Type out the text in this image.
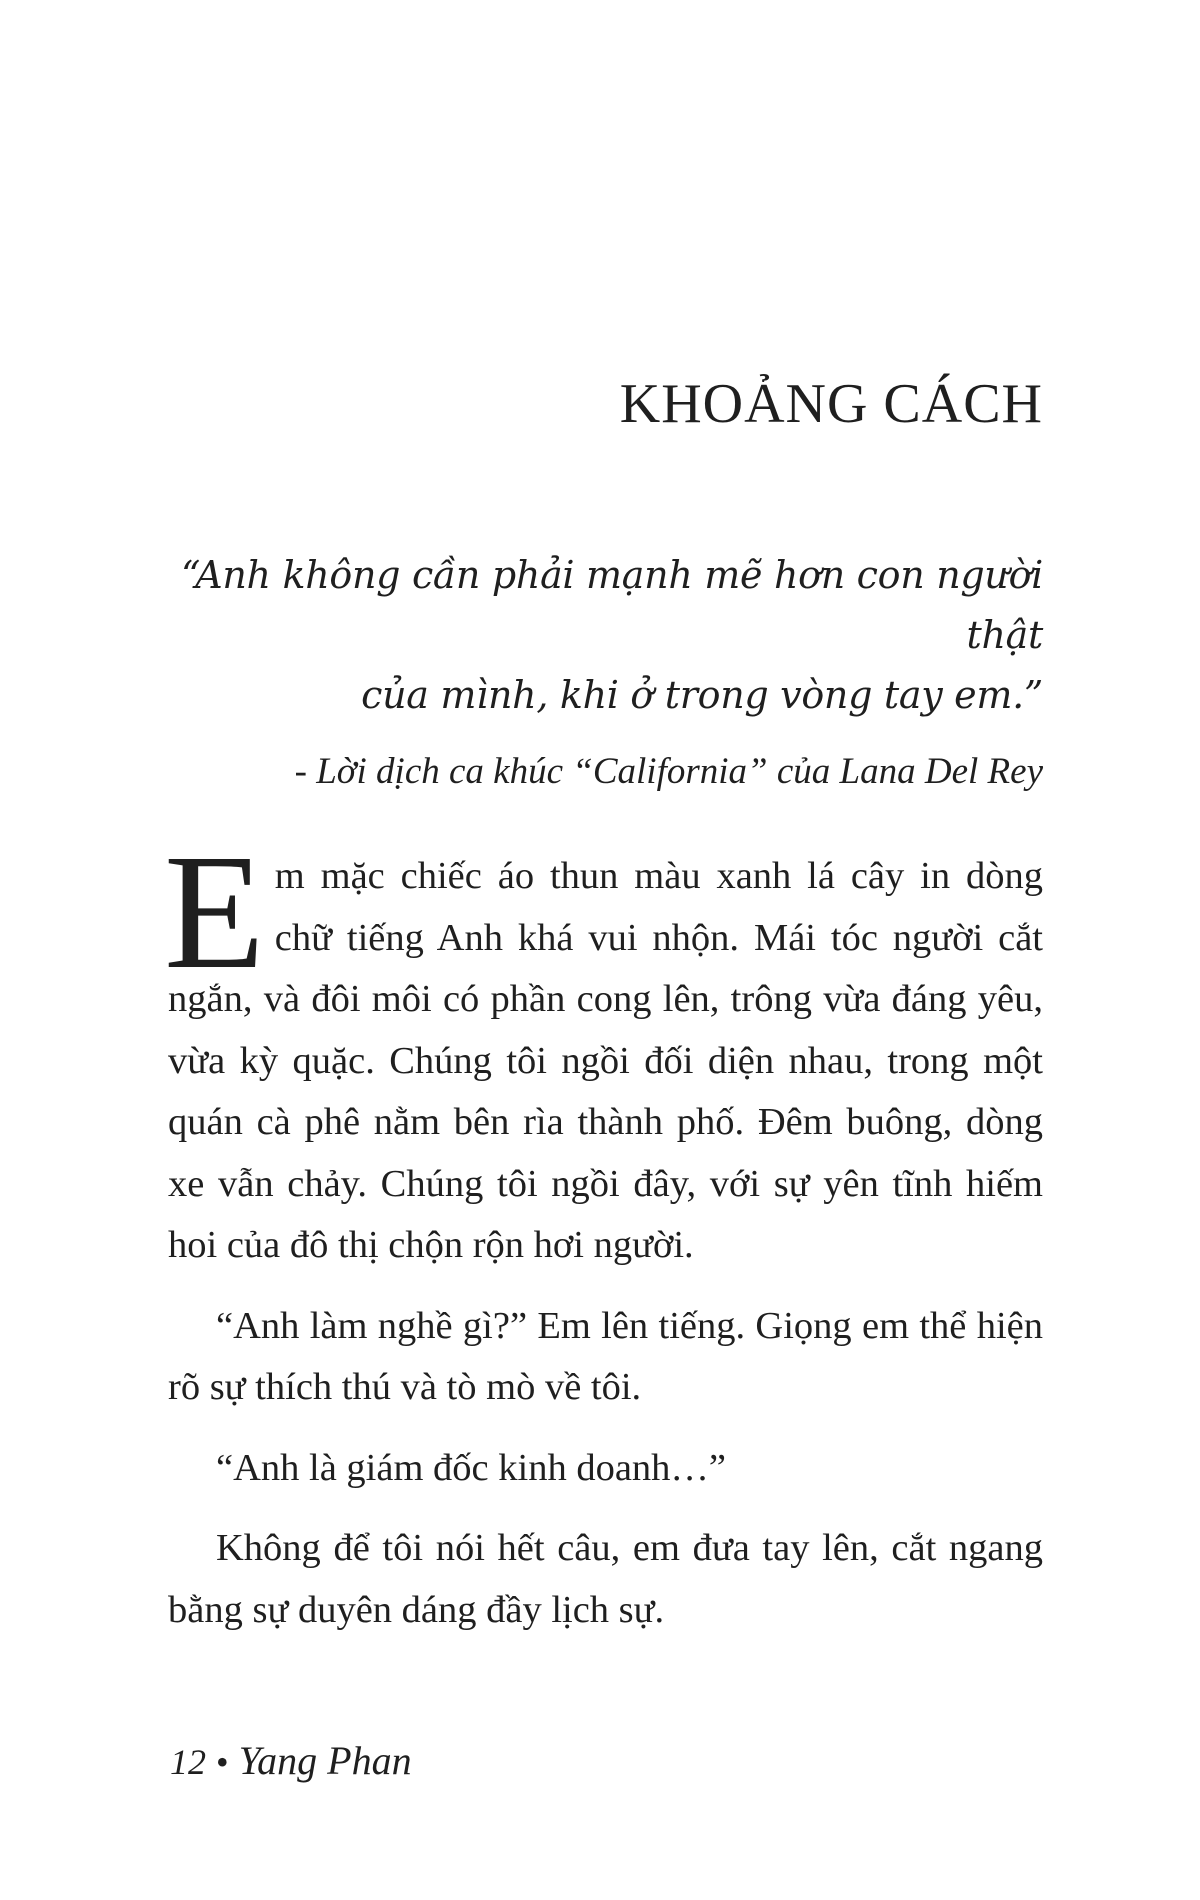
KHOẢNG CÁCH

“Anh không cần phải mạnh mẽ hơn con người thật
của mình, khi ở trong vòng tay em.”

- Lời dịch ca khúc “California” của Lana Del Rey

Em mặc chiếc áo thun màu xanh lá cây in dòng chữ tiếng Anh khá vui nhộn. Mái tóc người cắt ngắn, và đôi môi có phần cong lên, trông vừa đáng yêu, vừa kỳ quặc. Chúng tôi ngồi đối diện nhau, trong một quán cà phê nằm bên rìa thành phố. Đêm buông, dòng xe vẫn chảy. Chúng tôi ngồi đây, với sự yên tĩnh hiếm hoi của đô thị chộn rộn hơi người.

“Anh làm nghề gì?” Em lên tiếng. Giọng em thể hiện rõ sự thích thú và tò mò về tôi.

“Anh là giám đốc kinh doanh…”

Không để tôi nói hết câu, em đưa tay lên, cắt ngang bằng sự duyên dáng đầy lịch sự.

12 • Yang Phan
